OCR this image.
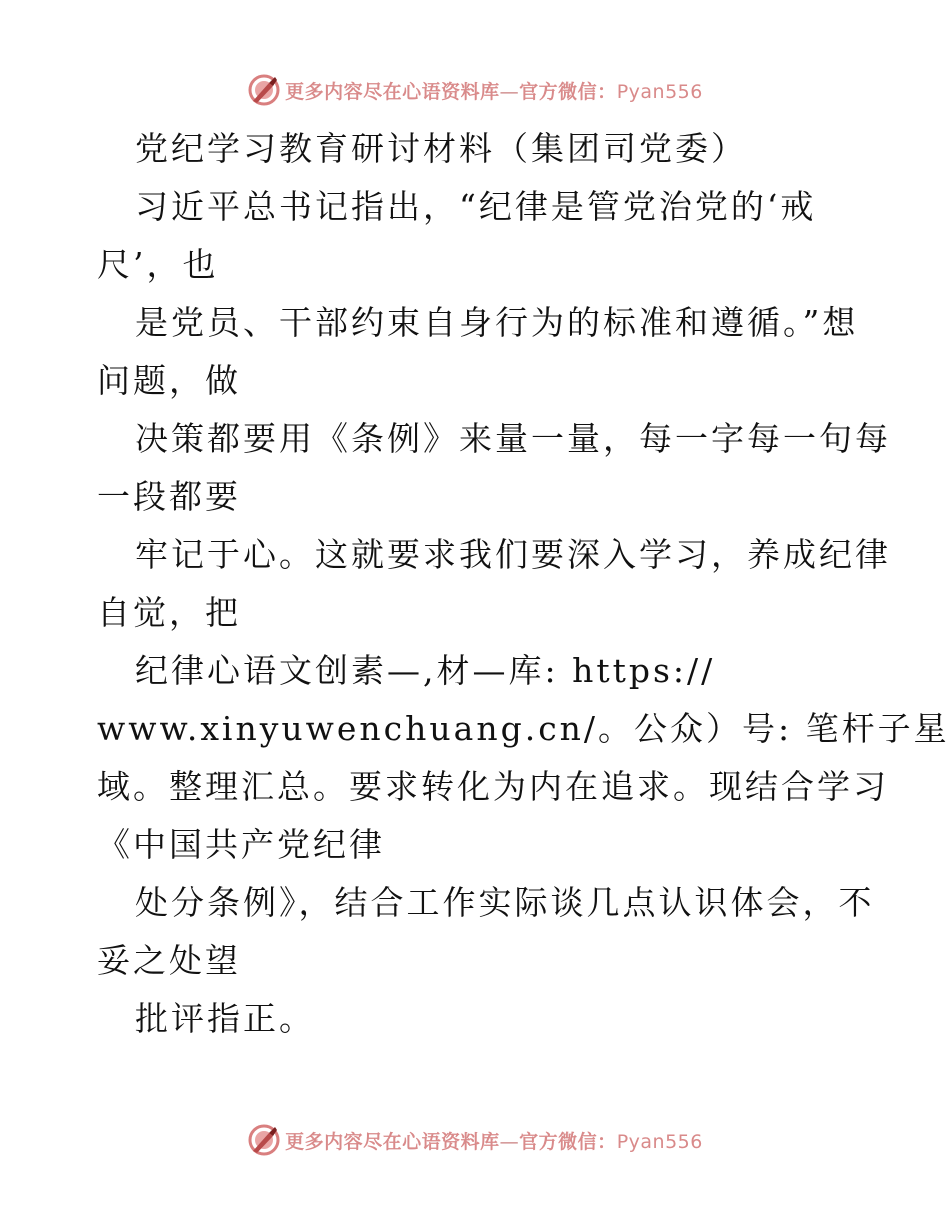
更多内容尽在心语资料库—官方微信：Pyan556
党纪学习教育研讨材料（集团司党委）
习近平总书记指出，“纪律是管党治党的‘戒
尺’，也
是党员、干部约束自身行为的标准和遵循。”想
问题，做
决策都要用《条例》来量一量，每一字每一句每
一段都要
牢记于心。这就要求我们要深入学习，养成纪律
自觉，把
纪律心语文创素—,材—库: https://
www.xinyuwenchuang.cn/。公众）号: 笔杆子星
域。整理汇总。要求转化为内在追求。现结合学习
《中国共产党纪律
处分条例》，结合工作实际谈几点认识体会，不
妥之处望
批评指正。
更多内容尽在心语资料库—官方微信：Pyan556
